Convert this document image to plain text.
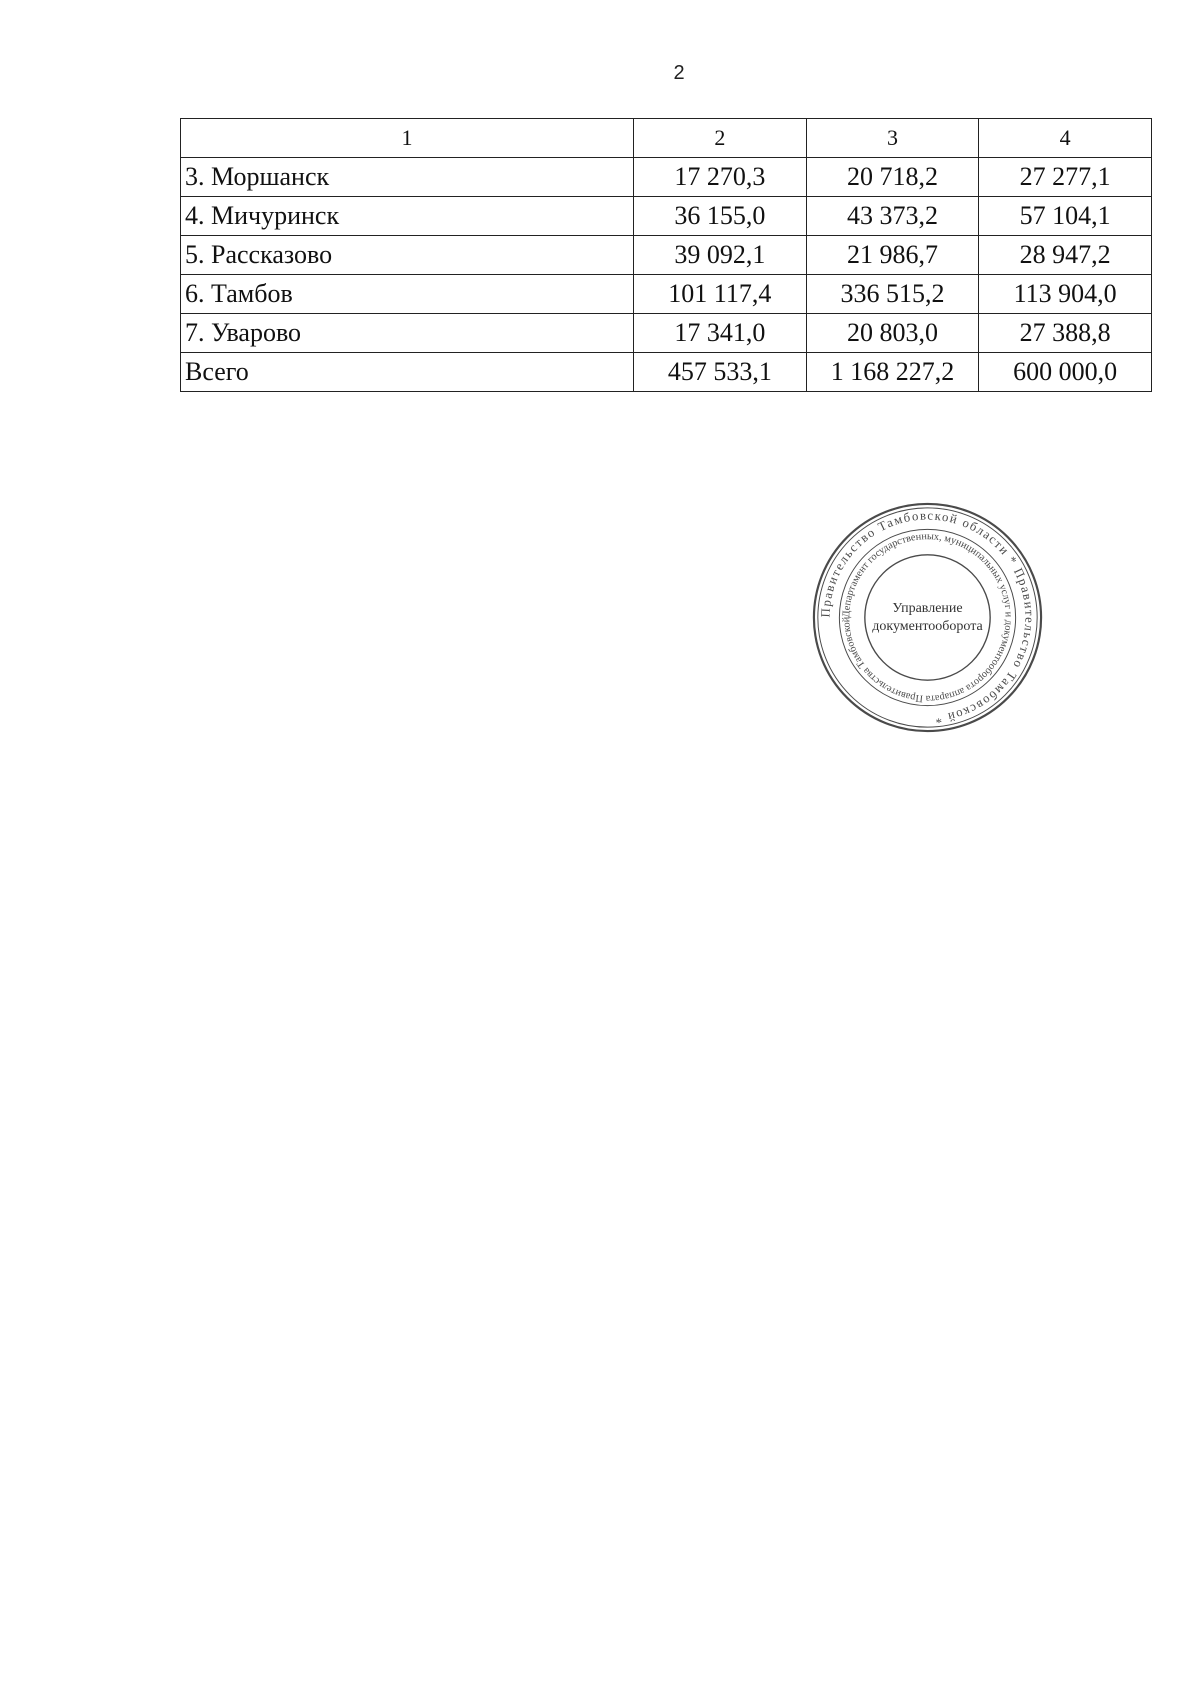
2
1	2	3	4
3. Моршанск	17 270,3	20 718,2	27 277,1
4. Мичуринск	36 155,0	43 373,2	57 104,1
5. Рассказово	39 092,1	21 986,7	28 947,2
6. Тамбов	101 117,4	336 515,2	113 904,0
7. Уварово	17 341,0	20 803,0	27 388,8
Всего	457 533,1	1 168 227,2	600 000,0
Правительство Тамбовской области * Правительство Тамбовской *
Департамент государственных, муниципальных услуг и документооборота аппарата Правительства Тамбовской
Управление
документооборота
